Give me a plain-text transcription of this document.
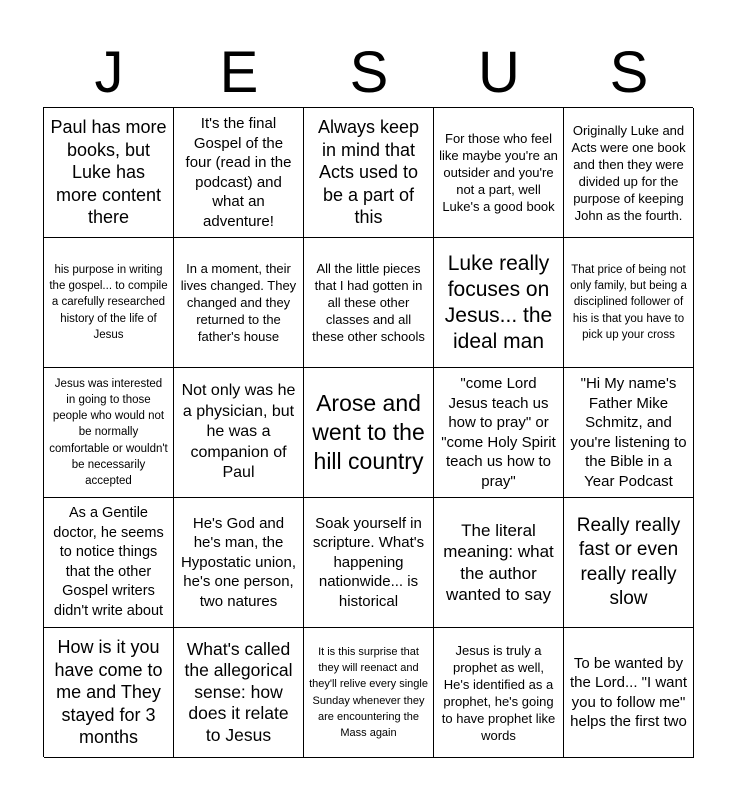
J	E	S	U	S
Paul has more books, but Luke has more content there
It's the final Gospel of the four (read in the podcast) and what an adventure!
Always keep in mind that Acts used to be a part of this
For those who feel like maybe you're an outsider and you're not a part, well Luke's a good book
Originally Luke and Acts were one book and then they were divided up for the purpose of keeping John as the fourth.
his purpose in writing the gospel... to compile a carefully researched history of the life of Jesus
In a moment, their lives changed. They changed and they returned to the father's house
All the little pieces that I had gotten in all these other classes and all these other schools
Luke really focuses on Jesus... the ideal man
That price of being not only family, but being a disciplined follower of his is that you have to pick up your cross
Jesus was interested in going to those people who would not be normally comfortable or wouldn't be necessarily accepted
Not only was he a physician, but he was a companion of Paul
Arose and went to the hill country
"come Lord Jesus teach us how to pray" or "come Holy Spirit teach us how to pray"
"Hi My name's Father Mike Schmitz, and you're listening to the Bible in a Year Podcast
As a Gentile doctor, he seems to notice things that the other Gospel writers didn't write about
He's God and he's man, the Hypostatic union, he's one person, two natures
Soak yourself in scripture. What's happening nationwide... is historical
The literal meaning: what the author wanted to say
Really really fast or even really really slow
How is it you have come to me and They stayed for 3 months
What's called the allegorical sense: how does it relate to Jesus
It is this surprise that they will reenact and they'll relive every single Sunday whenever they are encountering the Mass again
Jesus is truly a prophet as well, He's identified as a prophet, he's going to have prophet like words
To be wanted by the Lord... "I want you to follow me" helps the first two
